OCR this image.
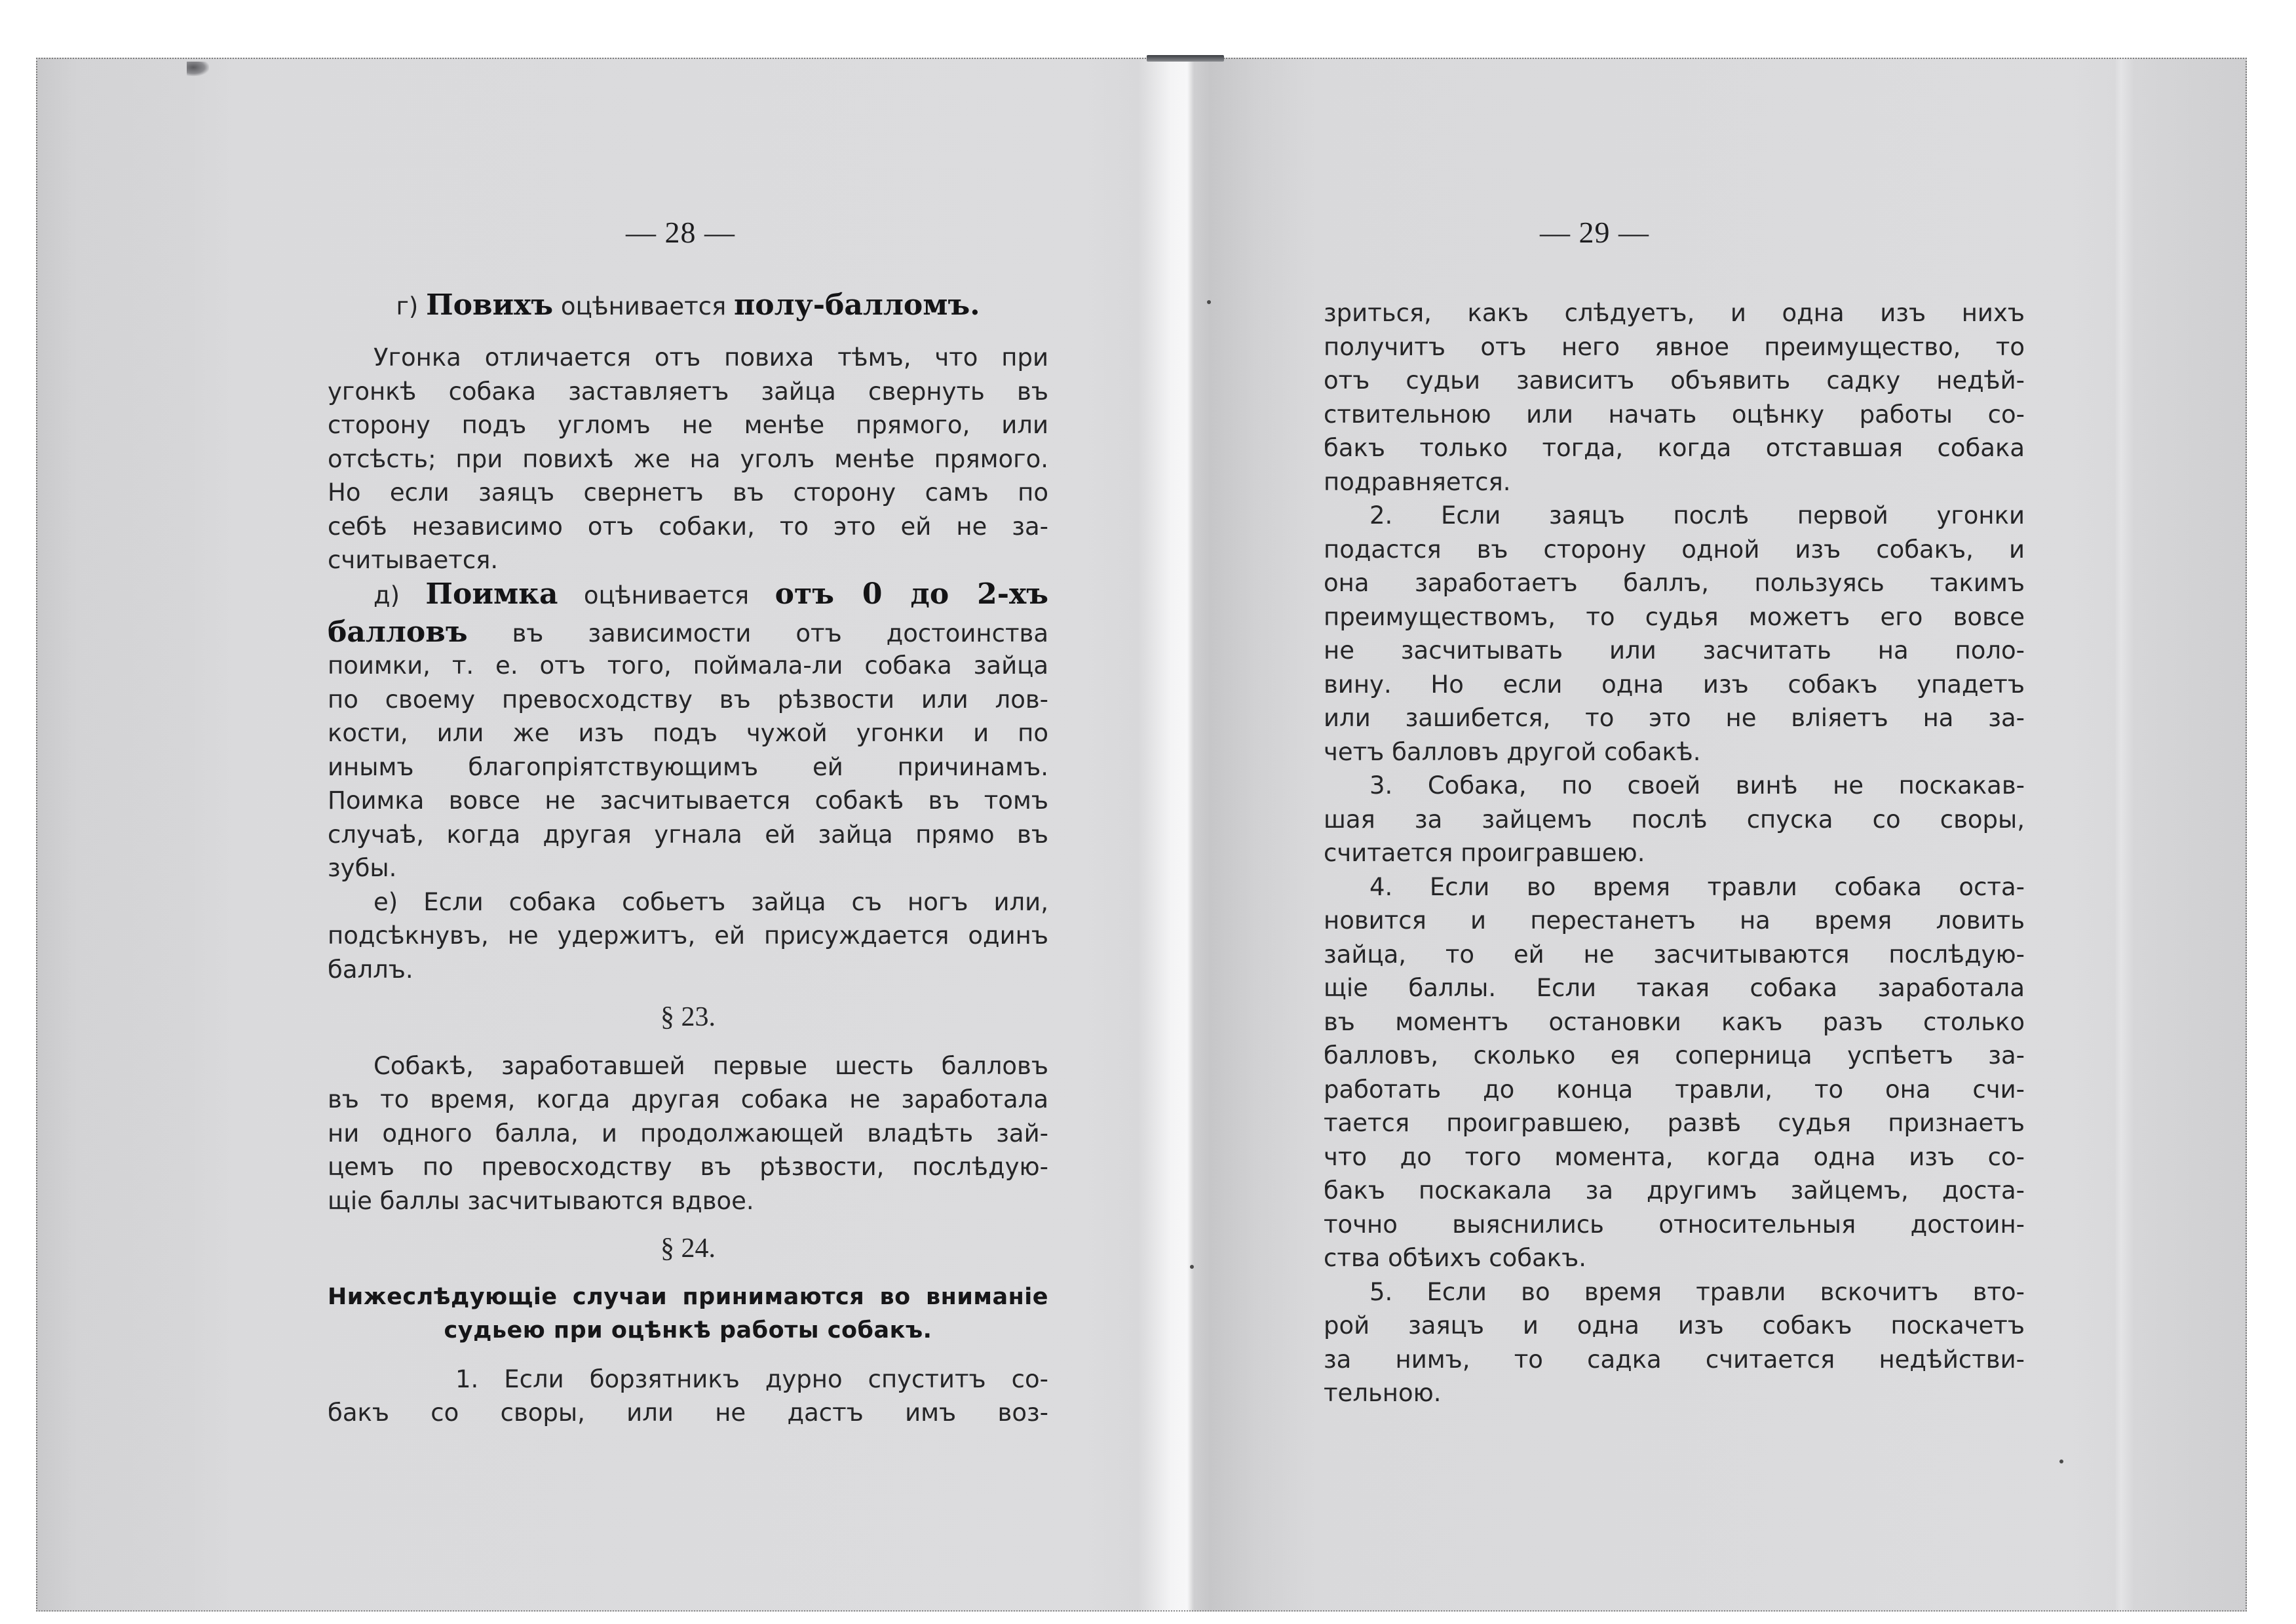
— 28 —
г) Повихъ оцѣнивается полу-балломъ.
Угонка отличается отъ повиха тѣмъ, что при
угонкѣ собака заставляетъ зайца свернуть въ
сторону подъ угломъ не менѣе прямого, или
отсѣсть; при повихѣ же на уголъ менѣе прямого.
Но если заяцъ свернетъ въ сторону самъ по
себѣ независимо отъ собаки, то это ей не за-
считывается.
д) Поимка оцѣнивается отъ 0 до 2-хъ
балловъ въ зависимости отъ достоинства
поимки, т. е. отъ того, поймала-ли собака зайца
по своему превосходству въ рѣзвости или лов-
кости, или же изъ подъ чужой угонки и по
инымъ благопріятствующимъ ей причинамъ.
Поимка вовсе не засчитывается собакѣ въ томъ
случаѣ, когда другая угнала ей зайца прямо въ
зубы.
е) Если собака собьетъ зайца съ ногъ или,
подсѣкнувъ, не удержитъ, ей присуждается одинъ
баллъ.
§ 23.
Собакѣ, заработавшей первые шесть балловъ
въ то время, когда другая собака не заработала
ни одного балла, и продолжающей владѣть зай-
цемъ по превосходству въ рѣзвости, послѣдую-
щіе баллы засчитываются вдвое.
§ 24.
Нижеслѣдующіе случаи принимаются во вниманіе
судьею при оцѣнкѣ работы собакъ.
1. Если борзятникъ дурно спуститъ со-
бакъ со своры, или не дастъ имъ воз-
— 29 —
зриться, какъ слѣдуетъ, и одна изъ нихъ
получитъ отъ него явное преимущество, то
отъ судьи зависитъ объявить садку недѣй-
ствительною или начать оцѣнку работы со-
бакъ только тогда, когда отставшая собака
подравняется.
2. Если заяцъ послѣ первой угонки
подастся въ сторону одной изъ собакъ, и
она заработаетъ баллъ, пользуясь такимъ
преимуществомъ, то судья можетъ его вовсе
не засчитывать или засчитать на поло-
вину. Но если одна изъ собакъ упадетъ
или зашибется, то это не вліяетъ на за-
четъ балловъ другой собакѣ.
3. Собака, по своей винѣ не поскакав-
шая за зайцемъ послѣ спуска со своры,
считается проигравшею.
4. Если во время травли собака оста-
новится и перестанетъ на время ловить
зайца, то ей не засчитываются послѣдую-
щіе баллы. Если такая собака заработала
въ моментъ остановки какъ разъ столько
балловъ, сколько ея соперница успѣетъ за-
работать до конца травли, то она счи-
тается проигравшею, развѣ судья признаетъ
что до того момента, когда одна изъ со-
бакъ поскакала за другимъ зайцемъ, доста-
точно выяснились относительныя достоин-
ства обѣихъ собакъ.
5. Если во время травли вскочитъ вто-
рой заяцъ и одна изъ собакъ поскачетъ
за нимъ, то садка считается недѣйстви-
тельною.
